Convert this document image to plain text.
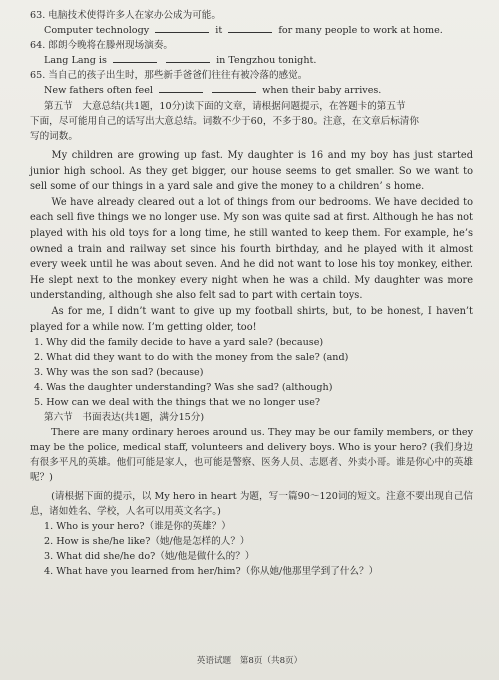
63. 电脑技术使得许多人在家办公成为可能。
Computer technology	it	for many people to work at home.
64. 郎朗今晚将在滕州现场演奏。
Lang Lang is	in Tengzhou tonight.
65. 当自己的孩子出生时，那些新手爸爸们往往有被冷落的感觉。
New fathers often feel	when their baby arrives.
第五节　大意总结(共1题，10分)读下面的文章，请根据问题提示，在答题卡的第五节
下面，尽可能用自己的话写出大意总结。词数不少于60，不多于80。注意，在文章后标清你
写的词数。
My children are growing up fast. My daughter is 16 and my boy has just started junior high school. As they get bigger, our house seems to get smaller. So we want to sell some of our things in a yard sale and give the money to a children’ s home.
We have already cleared out a lot of things from our bedrooms. We have decided to each sell five things we no longer use. My son was quite sad at first. Although he has not played with his old toys for a long time, he still wanted to keep them. For example, he’s owned a train and railway set since his fourth birthday, and he played with it almost every week until he was about seven. And he did not want to lose his toy monkey, either. He slept next to the monkey every night when he was a child. My daughter was more understanding, although she also felt sad to part with certain toys.
As for me, I didn’t want to give up my football shirts, but, to be honest, I haven’t played for a while now. I’m getting older, too!
1. Why did the family decide to have a yard sale? (because)
2. What did they want to do with the money from the sale? (and)
3. Why was the son sad? (because)
4. Was the daughter understanding? Was she sad? (although)
5. How can we deal with the things that we no longer use?
第六节　书面表达(共1题，满分15分)
There are many ordinary heroes around us. They may be our family members, or they may be the police, medical staff, volunteers and delivery boys. Who is your hero? (我们身边有很多平凡的英雄。他们可能是家人，也可能是警察、医务人员、志愿者、外卖小哥。谁是你心中的英雄呢？)
(请根据下面的提示，以 My hero in heart 为题，写一篇90～120词的短文。注意不要出现自己信息，诸如姓名、学校，人名可以用英文名字。)
1. Who is your hero?（谁是你的英雄？）
2. How is she/he like?（她/他是怎样的人？）
3. What did she/he do?（她/他是做什么的？）
4. What have you learned from her/him?（你从她/他那里学到了什么？）
英语试题　第8页（共8页）
